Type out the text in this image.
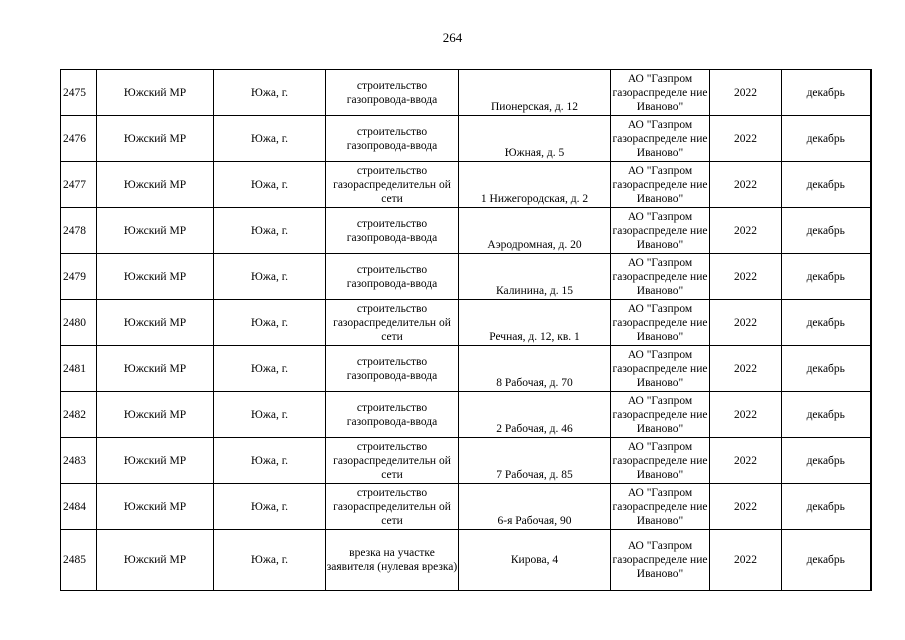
264
2475	Южский МР	Южа, г.	строительство газопровода-ввода	Пионерская, д. 12	АО "Газпром газораспределе ние Иваново"	2022	декабрь
2476	Южский МР	Южа, г.	строительство газопровода-ввода	Южная, д. 5	АО "Газпром газораспределе ние Иваново"	2022	декабрь
2477	Южский МР	Южа, г.	строительство газораспределительн ой сети	1 Нижегородская, д. 2	АО "Газпром газораспределе ние Иваново"	2022	декабрь
2478	Южский МР	Южа, г.	строительство газопровода-ввода	Аэродромная, д. 20	АО "Газпром газораспределе ние Иваново"	2022	декабрь
2479	Южский МР	Южа, г.	строительство газопровода-ввода	Калинина, д. 15	АО "Газпром газораспределе ние Иваново"	2022	декабрь
2480	Южский МР	Южа, г.	строительство газораспределительн ой сети	Речная, д. 12, кв. 1	АО "Газпром газораспределе ние Иваново"	2022	декабрь
2481	Южский МР	Южа, г.	строительство газопровода-ввода	8 Рабочая, д. 70	АО "Газпром газораспределе ние Иваново"	2022	декабрь
2482	Южский МР	Южа, г.	строительство газопровода-ввода	2 Рабочая, д. 46	АО "Газпром газораспределе ние Иваново"	2022	декабрь
2483	Южский МР	Южа, г.	строительство газораспределительн ой сети	7 Рабочая, д. 85	АО "Газпром газораспределе ние Иваново"	2022	декабрь
2484	Южский МР	Южа, г.	строительство газораспределительн ой сети	6-я Рабочая, 90	АО "Газпром газораспределе ние Иваново"	2022	декабрь
2485	Южский МР	Южа, г.	врезка на участке заявителя (нулевая врезка)	Кирова, 4	АО "Газпром газораспределе ние Иваново"	2022	декабрь
